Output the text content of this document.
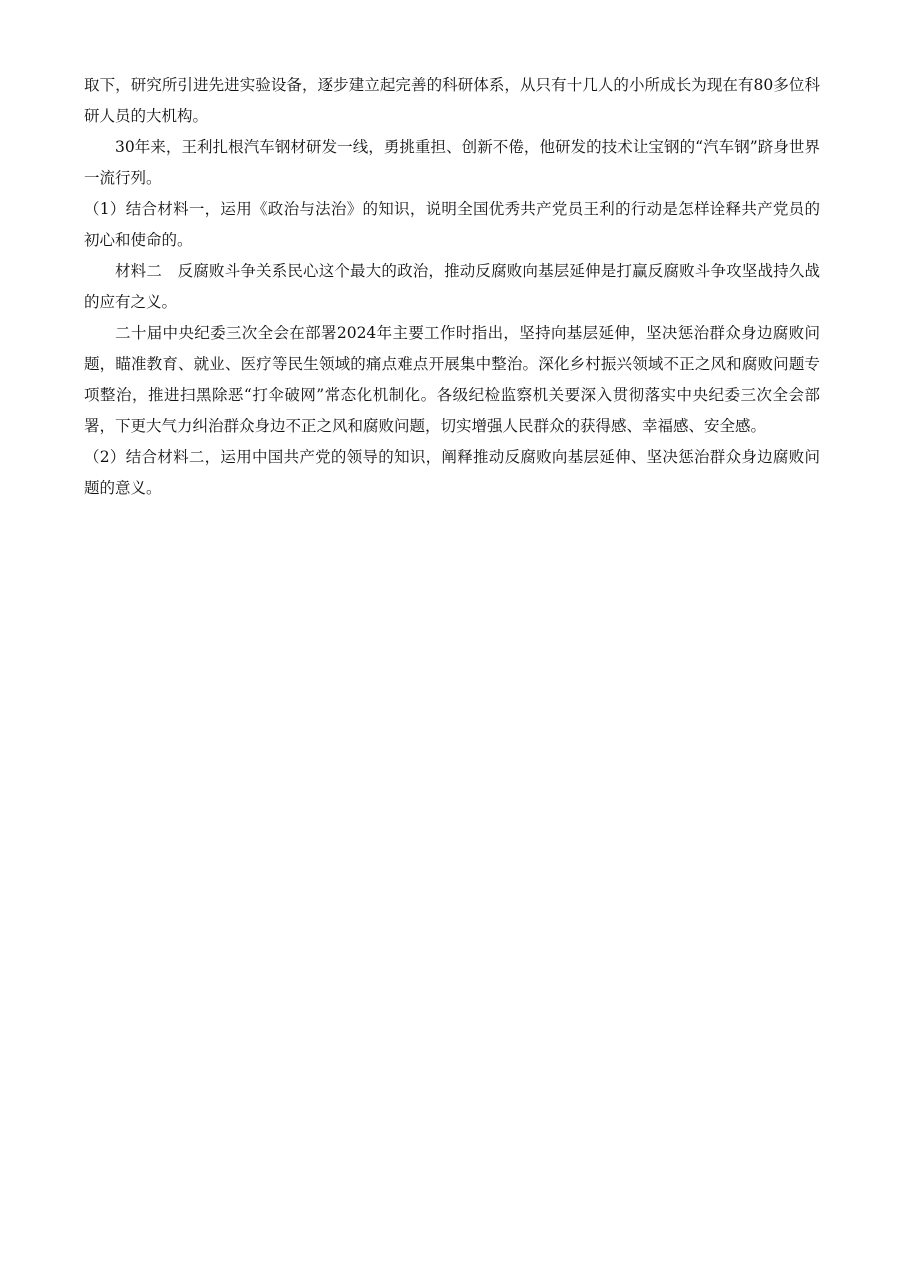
取下，研究所引进先进实验设备，逐步建立起完善的科研体系，从只有十几人的小所成长为现在有80多位科研人员的大机构。

30年来，王利扎根汽车钢材研发一线，勇挑重担、创新不倦，他研发的技术让宝钢的“汽车钢”跻身世界一流行列。

（1）结合材料一，运用《政治与法治》的知识，说明全国优秀共产党员王利的行动是怎样诠释共产党员的初心和使命的。

材料二　反腐败斗争关系民心这个最大的政治，推动反腐败向基层延伸是打赢反腐败斗争攻坚战持久战的应有之义。

二十届中央纪委三次全会在部署2024年主要工作时指出，坚持向基层延伸，坚决惩治群众身边腐败问题，瞄准教育、就业、医疗等民生领域的痛点难点开展集中整治。深化乡村振兴领域不正之风和腐败问题专项整治，推进扫黑除恶“打伞破网”常态化机制化。各级纪检监察机关要深入贯彻落实中央纪委三次全会部署，下更大气力纠治群众身边不正之风和腐败问题，切实增强人民群众的获得感、幸福感、安全感。

（2）结合材料二，运用中国共产党的领导的知识，阐释推动反腐败向基层延伸、坚决惩治群众身边腐败问题的意义。
